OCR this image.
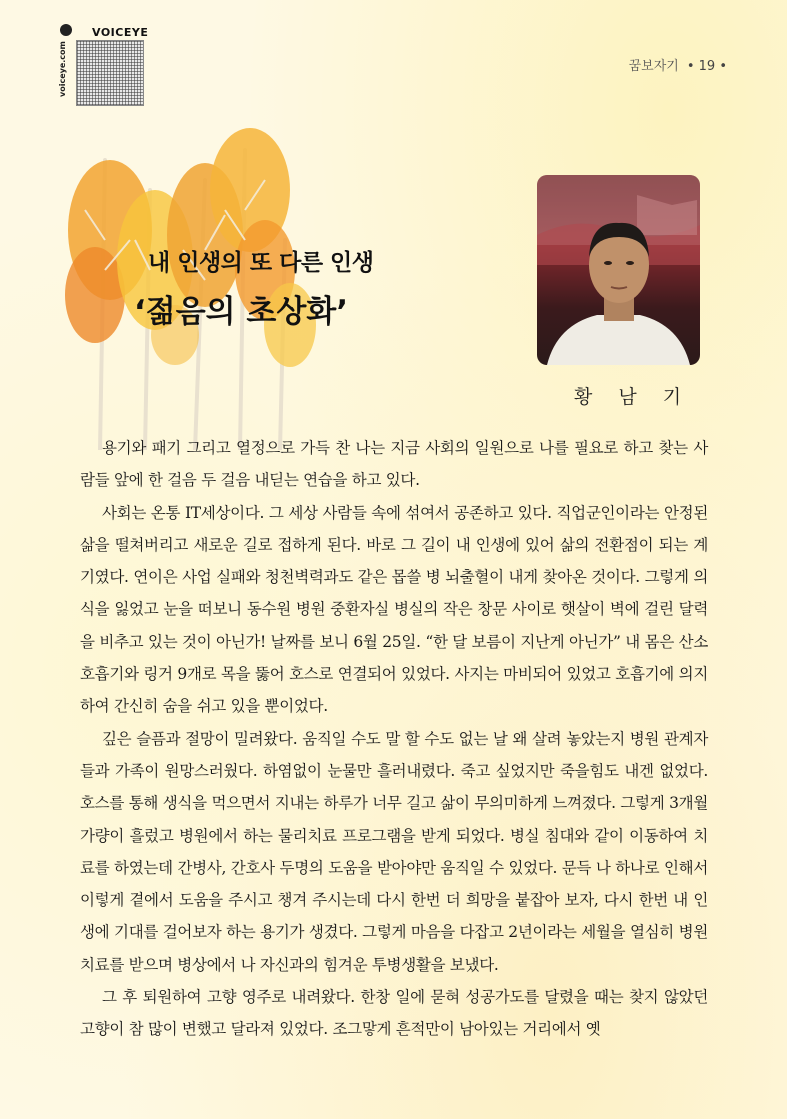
voiceye.com
VOICEYE
꿈보자기 • 19 •
내 인생의 또 다른 인생
‘젊음의 초상화’
황 남 기

용기와 패기 그리고 열정으로 가득 찬 나는 지금 사회의 일원으로 나를 필요로 하고 찾는 사람들 앞에 한 걸음 두 걸음 내딛는 연습을 하고 있다.

사회는 온통 IT세상이다. 그 세상 사람들 속에 섞여서 공존하고 있다. 직업군인이라는 안정된 삶을 떨쳐버리고 새로운 길로 접하게 된다. 바로 그 길이 내 인생에 있어 삶의 전환점이 되는 계기였다. 연이은 사업 실패와 청천벽력과도 같은 몹쓸 병 뇌출혈이 내게 찾아온 것이다. 그렇게 의식을 잃었고 눈을 떠보니 동수원 병원 중환자실 병실의 작은 창문 사이로 햇살이 벽에 걸린 달력을 비추고 있는 것이 아닌가! 날짜를 보니 6월 25일. “한 달 보름이 지난게 아닌가” 내 몸은 산소호흡기와 링거 9개로 목을 뚫어 호스로 연결되어 있었다. 사지는 마비되어 있었고 호흡기에 의지하여 간신히 숨을 쉬고 있을 뿐이었다.

깊은 슬픔과 절망이 밀려왔다. 움직일 수도 말 할 수도 없는 날 왜 살려 놓았는지 병원 관계자들과 가족이 원망스러웠다. 하염없이 눈물만 흘러내렸다. 죽고 싶었지만 죽을힘도 내겐 없었다. 호스를 통해 생식을 먹으면서 지내는 하루가 너무 길고 삶이 무의미하게 느껴졌다. 그렇게 3개월 가량이 흘렀고 병원에서 하는 물리치료 프로그램을 받게 되었다. 병실 침대와 같이 이동하여 치료를 하였는데 간병사, 간호사 두명의 도움을 받아야만 움직일 수 있었다. 문득 나 하나로 인해서 이렇게 곁에서 도움을 주시고 챙겨 주시는데 다시 한번 더 희망을 붙잡아 보자, 다시 한번 내 인생에 기대를 걸어보자 하는 용기가 생겼다. 그렇게 마음을 다잡고 2년이라는 세월을 열심히 병원치료를 받으며 병상에서 나 자신과의 힘겨운 투병생활을 보냈다.

그 후 퇴원하여 고향 영주로 내려왔다. 한창 일에 묻혀 성공가도를 달렸을 때는 찾지 않았던 고향이 참 많이 변했고 달라져 있었다. 조그맣게 흔적만이 남아있는 거리에서 옛
